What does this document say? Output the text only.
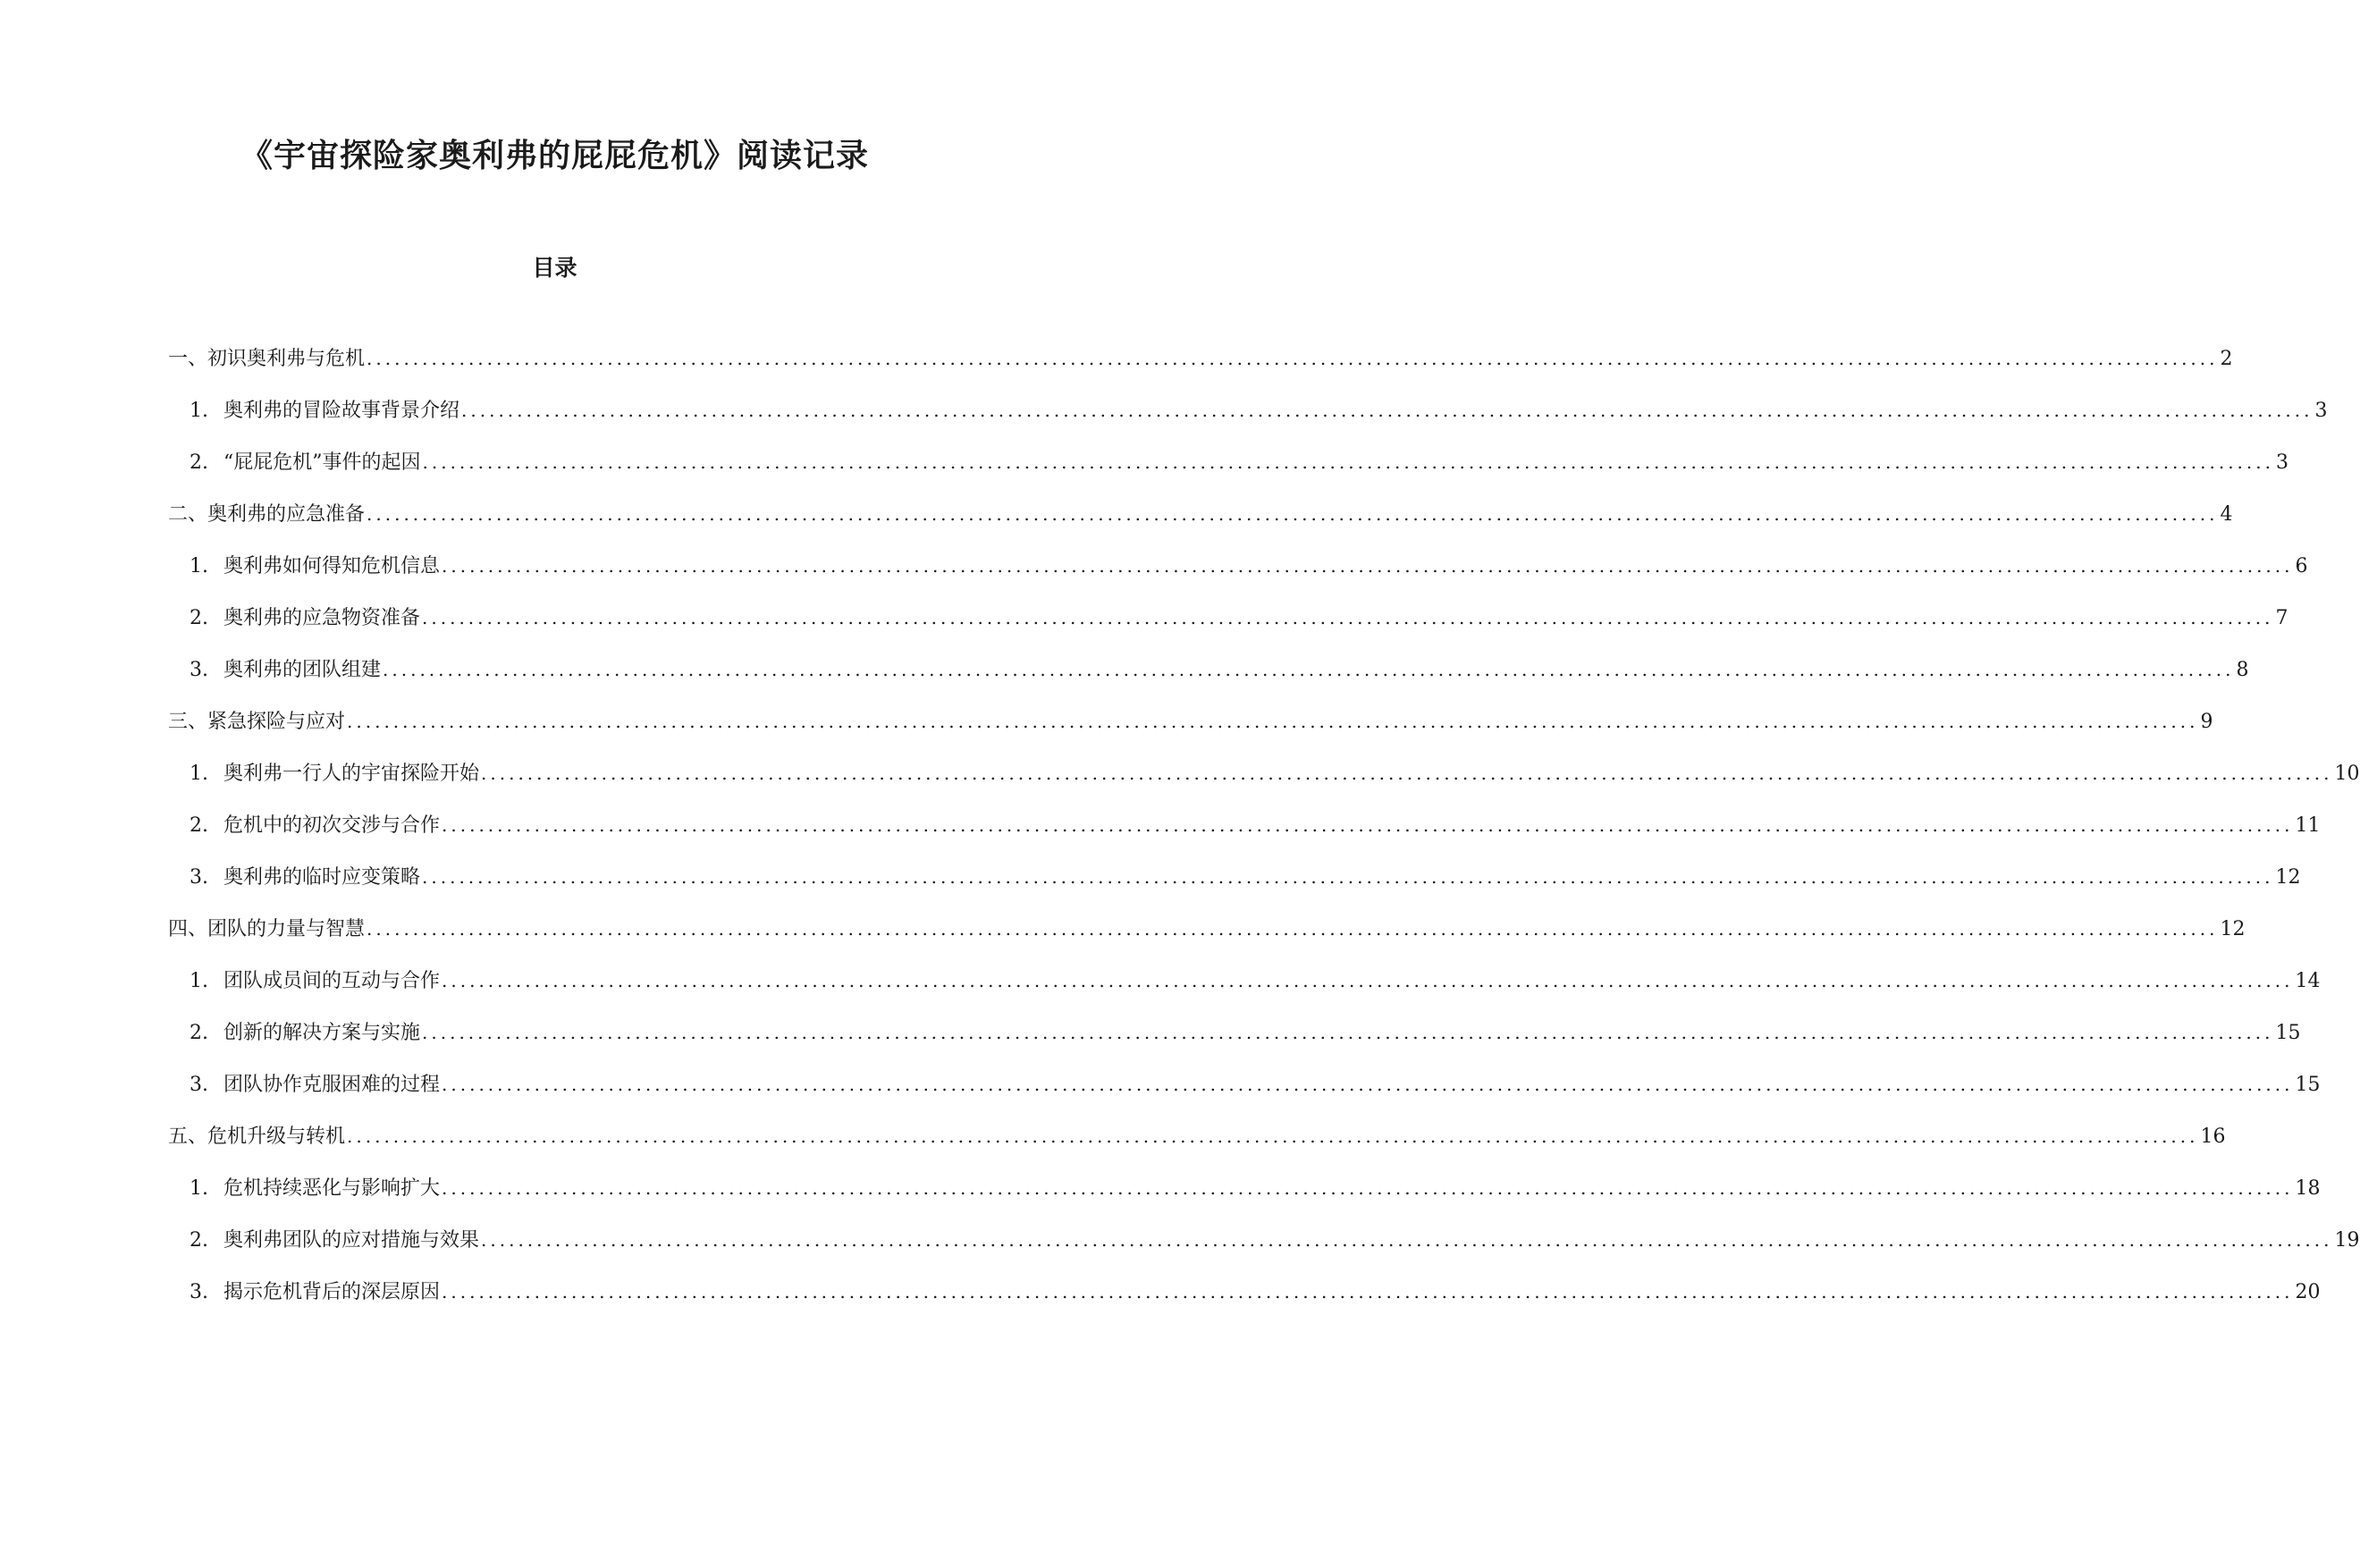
《宇宙探险家奥利弗的屁屁危机》阅读记录
目录
一、初识奥利弗与危机 ........................................................................................................................................................................................................ 2
1. 奥利弗的冒险故事背景介绍 ........................................................................................................................................................................................................ 3
2. “屁屁危机”事件的起因 ........................................................................................................................................................................................................ 3
二、奥利弗的应急准备 ........................................................................................................................................................................................................ 4
1. 奥利弗如何得知危机信息 ........................................................................................................................................................................................................ 6
2. 奥利弗的应急物资准备 ........................................................................................................................................................................................................ 7
3. 奥利弗的团队组建 ........................................................................................................................................................................................................ 8
三、紧急探险与应对 ........................................................................................................................................................................................................ 9
1. 奥利弗一行人的宇宙探险开始 ........................................................................................................................................................................................................ 10
2. 危机中的初次交涉与合作 ........................................................................................................................................................................................................ 11
3. 奥利弗的临时应变策略 ........................................................................................................................................................................................................ 12
四、团队的力量与智慧 ........................................................................................................................................................................................................ 12
1. 团队成员间的互动与合作 ........................................................................................................................................................................................................ 14
2. 创新的解决方案与实施 ........................................................................................................................................................................................................ 15
3. 团队协作克服困难的过程 ........................................................................................................................................................................................................ 15
五、危机升级与转机 ........................................................................................................................................................................................................ 16
1. 危机持续恶化与影响扩大 ........................................................................................................................................................................................................ 18
2. 奥利弗团队的应对措施与效果 ........................................................................................................................................................................................................ 19
3. 揭示危机背后的深层原因 ........................................................................................................................................................................................................ 20
